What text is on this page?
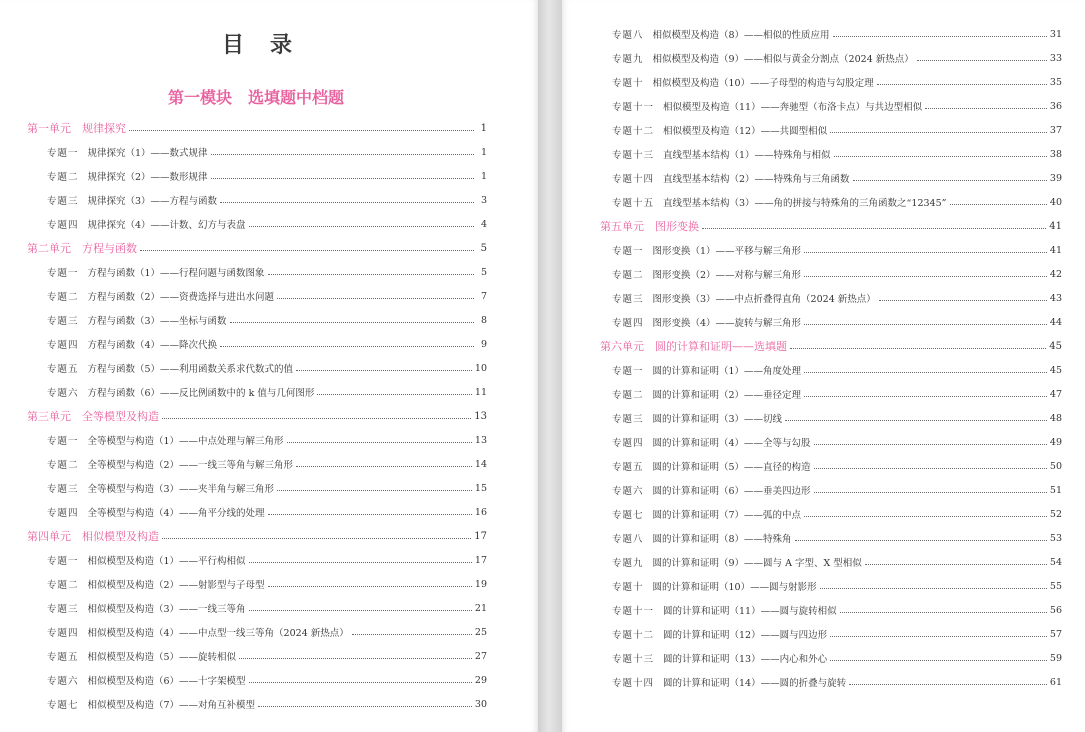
目　录
第一模块　选填题中档题
第一单元　规律探究	1
专题一 规律探究（1）——数式规律	1
专题二 规律探究（2）——数形规律	1
专题三 规律探究（3）——方程与函数	3
专题四 规律探究（4）——计数、幻方与表盘	4
第二单元　方程与函数	5
专题一 方程与函数（1）——行程问题与函数图象	5
专题二 方程与函数（2）——资费选择与进出水问题	7
专题三 方程与函数（3）——坐标与函数	8
专题四 方程与函数（4）——降次代换	9
专题五 方程与函数（5）——利用函数关系求代数式的值	10
专题六 方程与函数（6）——反比例函数中的 k 值与几何图形	11
第三单元　全等模型及构造	13
专题一 全等模型与构造（1）——中点处理与解三角形	13
专题二 全等模型与构造（2）——一线三等角与解三角形	14
专题三 全等模型与构造（3）——夹半角与解三角形	15
专题四 全等模型与构造（4）——角平分线的处理	16
第四单元　相似模型及构造	17
专题一 相似模型及构造（1）——平行构相似	17
专题二 相似模型及构造（2）——射影型与子母型	19
专题三 相似模型及构造（3）——一线三等角	21
专题四 相似模型及构造（4）——中点型一线三等角（2024 新热点）	25
专题五 相似模型及构造（5）——旋转相似	27
专题六 相似模型及构造（6）——十字架模型	29
专题七 相似模型及构造（7）——对角互补模型	30
专题八 相似模型及构造（8）——相似的性质应用	31
专题九 相似模型及构造（9）——相似与黄金分割点（2024 新热点）	33
专题十 相似模型及构造（10）——子母型的构造与勾股定理	35
专题十一 相似模型及构造（11）——奔驰型（布洛卡点）与共边型相似	36
专题十二 相似模型及构造（12）——共圆型相似	37
专题十三 直线型基本结构（1）——特殊角与相似	38
专题十四 直线型基本结构（2）——特殊角与三角函数	39
专题十五 直线型基本结构（3）——角的拼接与特殊角的三角函数之“12345”	40
第五单元　图形变换	41
专题一 图形变换（1）——平移与解三角形	41
专题二 图形变换（2）——对称与解三角形	42
专题三 图形变换（3）——中点折叠得直角（2024 新热点）	43
专题四 图形变换（4）——旋转与解三角形	44
第六单元　圆的计算和证明——选填题	45
专题一 圆的计算和证明（1）——角度处理	45
专题二 圆的计算和证明（2）——垂径定理	47
专题三 圆的计算和证明（3）——切线	48
专题四 圆的计算和证明（4）——全等与勾股	49
专题五 圆的计算和证明（5）——直径的构造	50
专题六 圆的计算和证明（6）——垂美四边形	51
专题七 圆的计算和证明（7）——弧的中点	52
专题八 圆的计算和证明（8）——特殊角	53
专题九 圆的计算和证明（9）——圆与 A 字型、X 型相似	54
专题十 圆的计算和证明（10）——圆与射影形	55
专题十一 圆的计算和证明（11）——圆与旋转相似	56
专题十二 圆的计算和证明（12）——圆与四边形	57
专题十三 圆的计算和证明（13）——内心和外心	59
专题十四 圆的计算和证明（14）——圆的折叠与旋转	61
